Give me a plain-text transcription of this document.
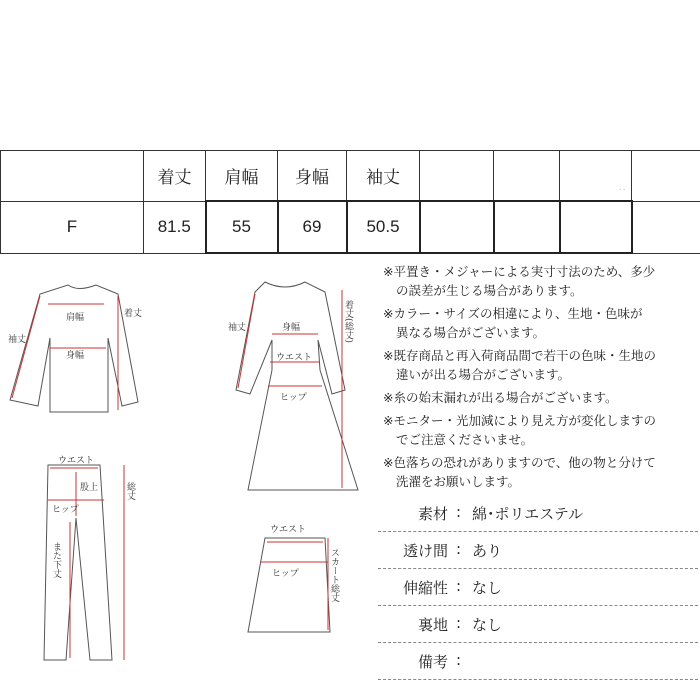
	着丈	肩幅	身幅	袖丈			. .	

F	81.5	55	69	50.5				
袖丈
肩幅
身幅
着丈
袖丈	身幅
ウエスト
ヒップ
着丈(総丈)
ウエスト
股上
ヒップ
また下丈
総丈
ウエスト
ヒップ	スカート総丈
※平置き・メジャーによる実寸寸法のため、多少
の誤差が生じる場合があります。
※カラー・サイズの相違により、生地・色味が
異なる場合がございます。
※既存商品と再入荷商品間で若干の色味・生地の
違いが出る場合がございます。
※糸の始末漏れが出る場合がございます。
※モニター・光加減により見え方が変化しますの
でご注意くださいませ。
※色落ちの恐れがありますので、他の物と分けて
洗濯をお願いします。
素材 : 綿･ポリエステル
透け間 : あり
伸縮性 : なし
裏地 : なし
備考 :
